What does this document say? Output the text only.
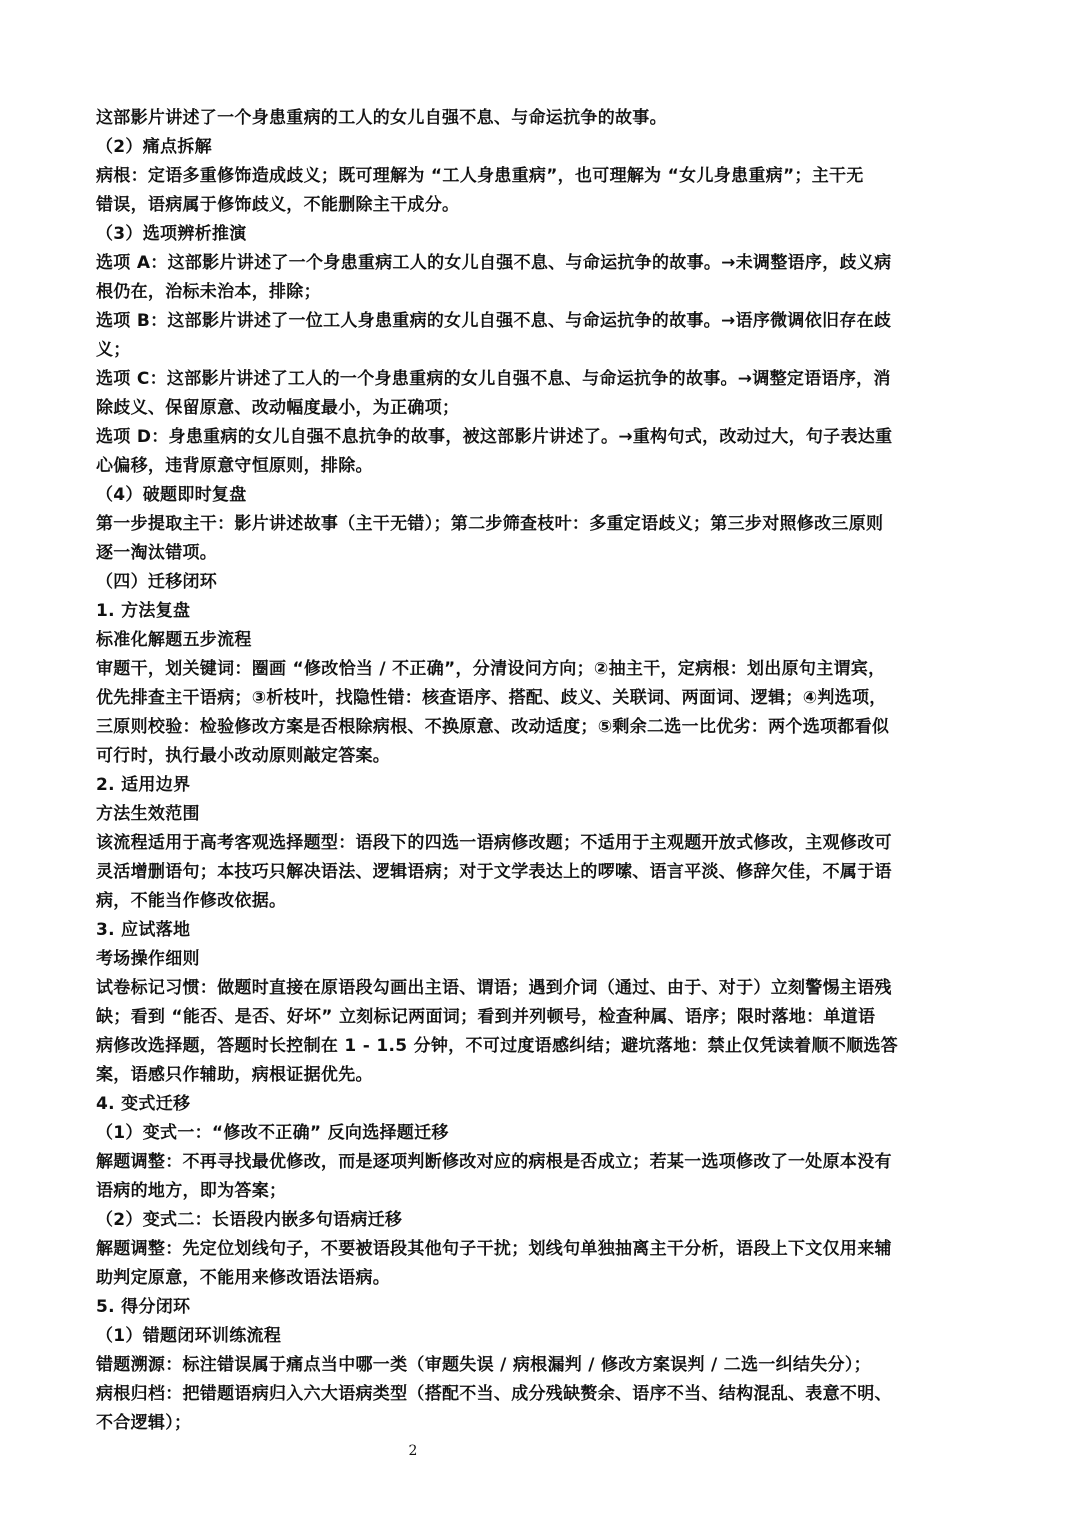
这部影片讲述了一个身患重病的工人的女儿自强不息、与命运抗争的故事。
（2）痛点拆解
病根：定语多重修饰造成歧义；既可理解为 “工人身患重病”，也可理解为 “女儿身患重病”；主干无
错误，语病属于修饰歧义，不能删除主干成分。
（3）选项辨析推演
选项 A：这部影片讲述了一个身患重病工人的女儿自强不息、与命运抗争的故事。→未调整语序，歧义病
根仍在，治标未治本，排除；
选项 B：这部影片讲述了一位工人身患重病的女儿自强不息、与命运抗争的故事。→语序微调依旧存在歧
义；
选项 C：这部影片讲述了工人的一个身患重病的女儿自强不息、与命运抗争的故事。→调整定语语序，消
除歧义、保留原意、改动幅度最小，为正确项；
选项 D：身患重病的女儿自强不息抗争的故事，被这部影片讲述了。→重构句式，改动过大，句子表达重
心偏移，违背原意守恒原则，排除。
（4）破题即时复盘
第一步提取主干：影片讲述故事（主干无错）；第二步筛查枝叶：多重定语歧义；第三步对照修改三原则
逐一淘汰错项。
（四）迁移闭环
1. 方法复盘
标准化解题五步流程
审题干，划关键词：圈画 “修改恰当 / 不正确”，分清设问方向；②抽主干，定病根：划出原句主谓宾，
优先排查主干语病；③析枝叶，找隐性错：核查语序、搭配、歧义、关联词、两面词、逻辑；④判选项，
三原则校验：检验修改方案是否根除病根、不换原意、改动适度；⑤剩余二选一比优劣：两个选项都看似
可行时，执行最小改动原则敲定答案。
2. 适用边界
方法生效范围
该流程适用于高考客观选择题型：语段下的四选一语病修改题；不适用于主观题开放式修改，主观修改可
灵活增删语句；本技巧只解决语法、逻辑语病；对于文学表达上的啰嗦、语言平淡、修辞欠佳，不属于语
病，不能当作修改依据。
3. 应试落地
考场操作细则
试卷标记习惯：做题时直接在原语段勾画出主语、谓语；遇到介词（通过、由于、对于）立刻警惕主语残
缺；看到 “能否、是否、好坏” 立刻标记两面词；看到并列顿号，检查种属、语序；限时落地：单道语
病修改选择题，答题时长控制在 1 - 1.5 分钟，不可过度语感纠结；避坑落地：禁止仅凭读着顺不顺选答
案，语感只作辅助，病根证据优先。
4. 变式迁移
（1）变式一：“修改不正确” 反向选择题迁移
解题调整：不再寻找最优修改，而是逐项判断修改对应的病根是否成立；若某一选项修改了一处原本没有
语病的地方，即为答案；
（2）变式二：长语段内嵌多句语病迁移
解题调整：先定位划线句子，不要被语段其他句子干扰；划线句单独抽离主干分析，语段上下文仅用来辅
助判定原意，不能用来修改语法语病。
5. 得分闭环
（1）错题闭环训练流程
错题溯源：标注错误属于痛点当中哪一类（审题失误 / 病根漏判 / 修改方案误判 / 二选一纠结失分）；
病根归档：把错题语病归入六大语病类型（搭配不当、成分残缺赘余、语序不当、结构混乱、表意不明、
不合逻辑）；
2
